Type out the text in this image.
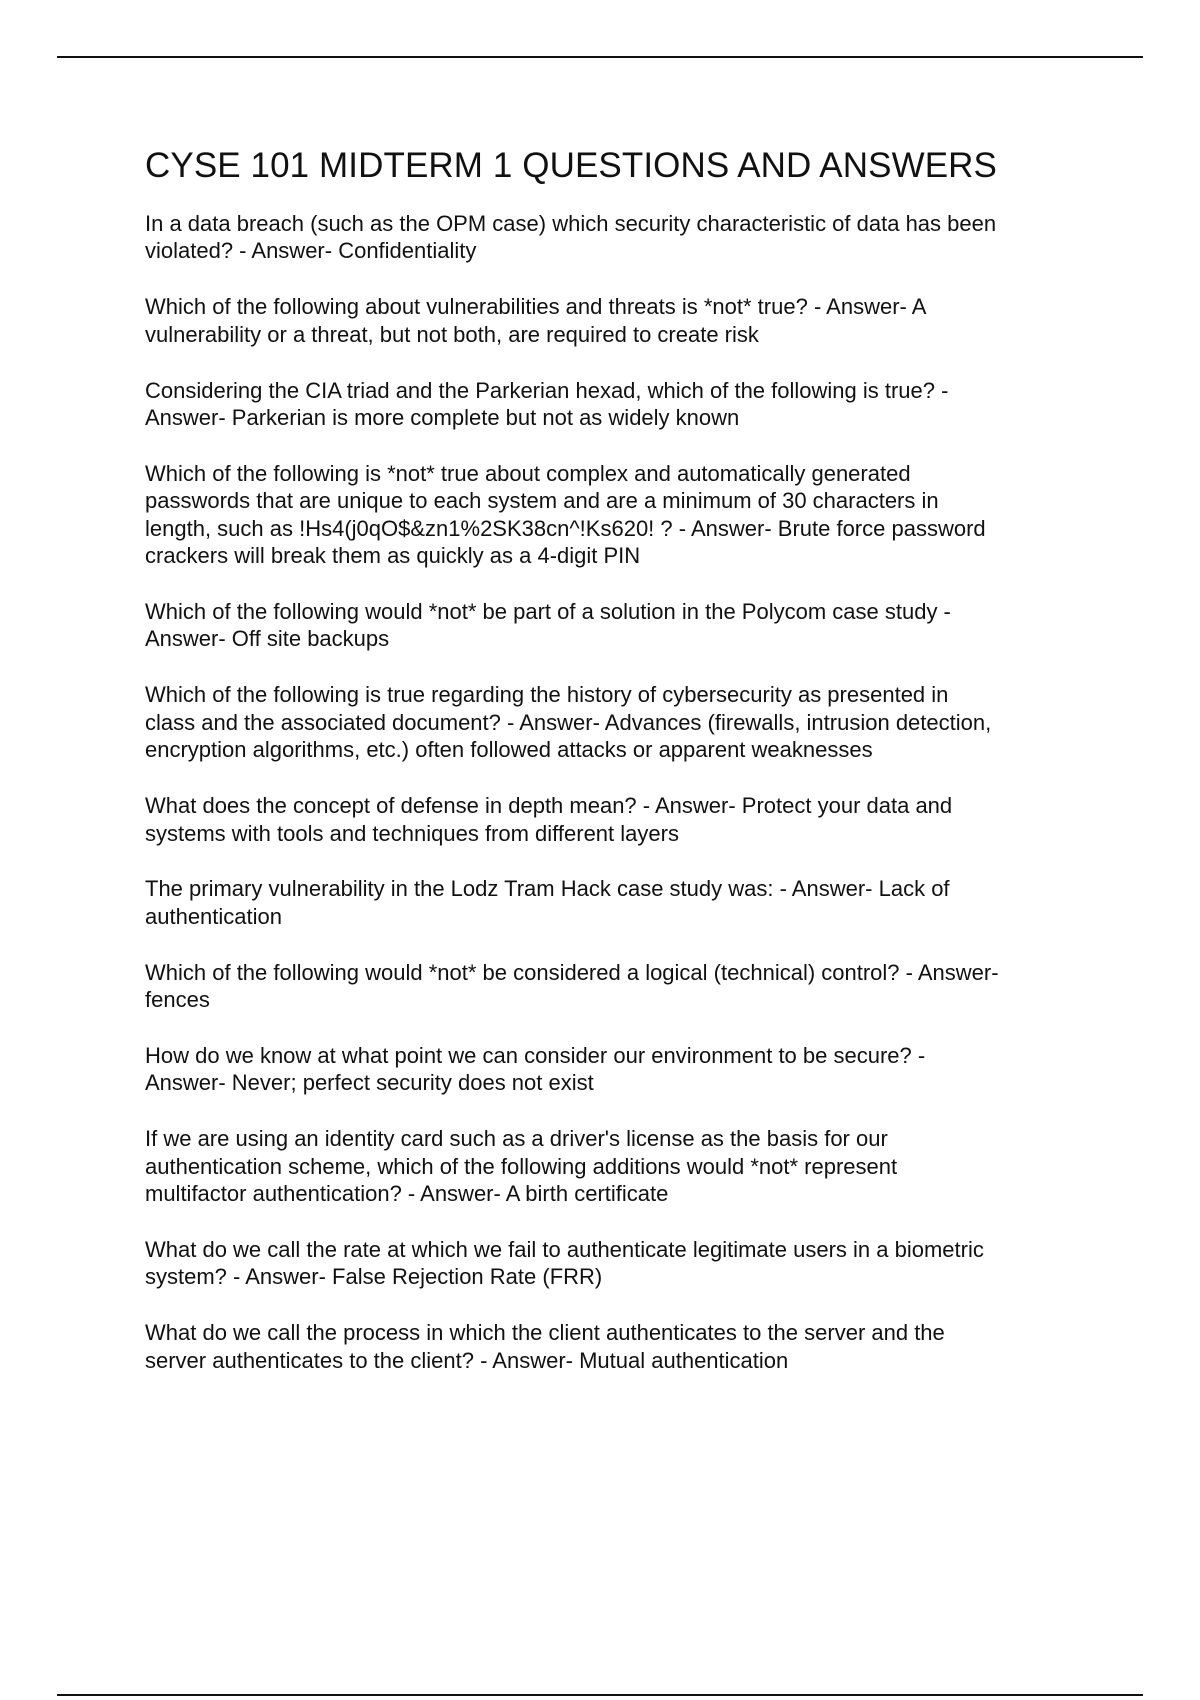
CYSE 101 MIDTERM 1 QUESTIONS AND ANSWERS
In a data breach (such as the OPM case) which security characteristic of data has been
violated? - Answer- Confidentiality
Which of the following about vulnerabilities and threats is *not* true? - Answer- A
vulnerability or a threat, but not both, are required to create risk
Considering the CIA triad and the Parkerian hexad, which of the following is true? -
Answer- Parkerian is more complete but not as widely known
Which of the following is *not* true about complex and automatically generated
passwords that are unique to each system and are a minimum of 30 characters in
length, such as !Hs4(j0qO$&zn1%2SK38cn^!Ks620! ? - Answer- Brute force password
crackers will break them as quickly as a 4-digit PIN
Which of the following would *not* be part of a solution in the Polycom case study -
Answer- Off site backups
Which of the following is true regarding the history of cybersecurity as presented in
class and the associated document? - Answer- Advances (firewalls, intrusion detection,
encryption algorithms, etc.) often followed attacks or apparent weaknesses
What does the concept of defense in depth mean? - Answer- Protect your data and
systems with tools and techniques from different layers
The primary vulnerability in the Lodz Tram Hack case study was: - Answer- Lack of
authentication
Which of the following would *not* be considered a logical (technical) control? - Answer-
fences
How do we know at what point we can consider our environment to be secure? -
Answer- Never; perfect security does not exist
If we are using an identity card such as a driver's license as the basis for our
authentication scheme, which of the following additions would *not* represent
multifactor authentication? - Answer- A birth certificate
What do we call the rate at which we fail to authenticate legitimate users in a biometric
system? - Answer- False Rejection Rate (FRR)
What do we call the process in which the client authenticates to the server and the
server authenticates to the client? - Answer- Mutual authentication
